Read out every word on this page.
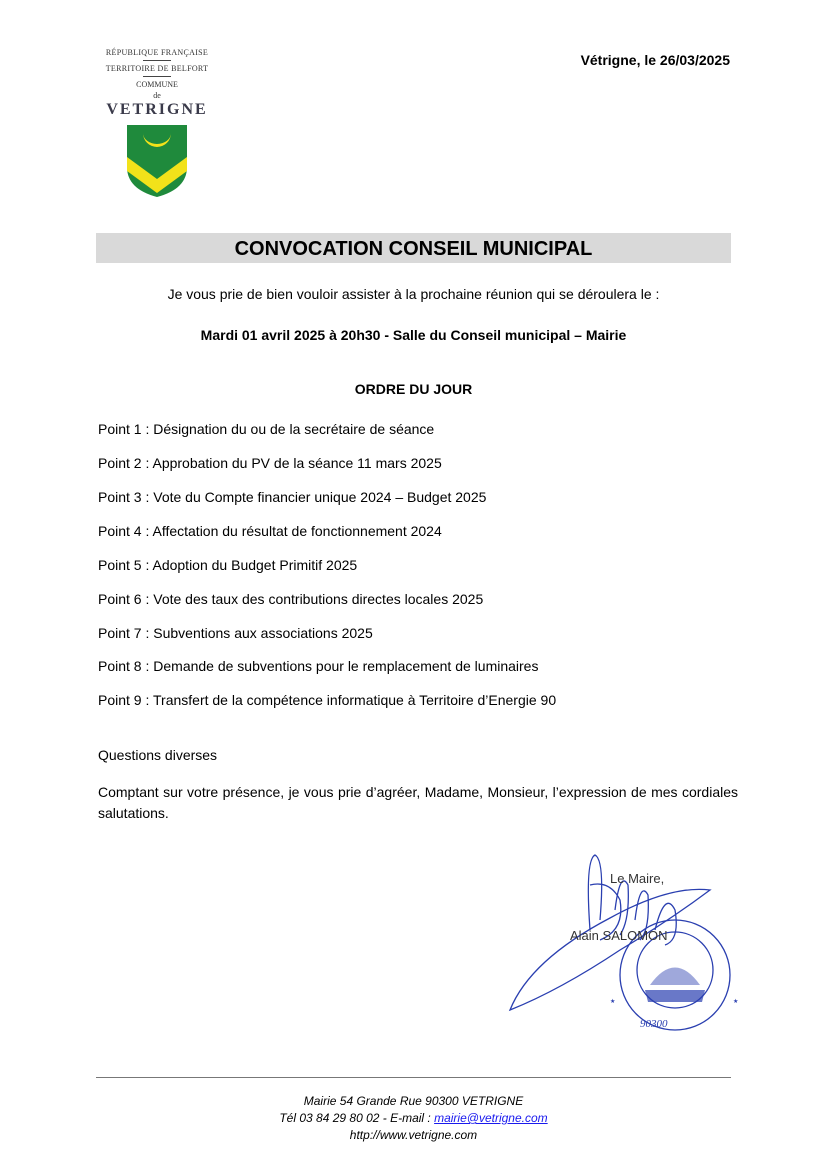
RÉPUBLIQUE FRANÇAISE
TERRITOIRE DE BELFORT
COMMUNE
de
VETRIGNE
Vétrigne, le 26/03/2025
CONVOCATION CONSEIL MUNICIPAL
Je vous prie de bien vouloir assister à la prochaine réunion qui se déroulera le :
Mardi 01 avril 2025 à 20h30 - Salle du Conseil municipal – Mairie
ORDRE DU JOUR
Point 1 : Désignation du ou de la secrétaire de séance
Point 2 : Approbation du PV de la séance 11 mars 2025
Point 3 : Vote du Compte financier unique 2024 – Budget 2025
Point 4 : Affectation du résultat de fonctionnement 2024
Point 5 : Adoption du Budget Primitif 2025
Point 6 : Vote des taux des contributions directes locales 2025
Point 7 : Subventions aux associations 2025
Point 8 : Demande de subventions pour le remplacement de luminaires
Point 9 : Transfert de la compétence informatique à Territoire d’Energie 90
Questions diverses
Comptant sur votre présence, je vous prie d’agréer, Madame, Monsieur, l’expression de mes cordiales salutations.
★	★
Le Maire,
Alain SALOMON
90300
Mairie 54 Grande Rue 90300 VETRIGNE
Tél 03 84 29 80 02 - E-mail : mairie@vetrigne.com
http://www.vetrigne.com
